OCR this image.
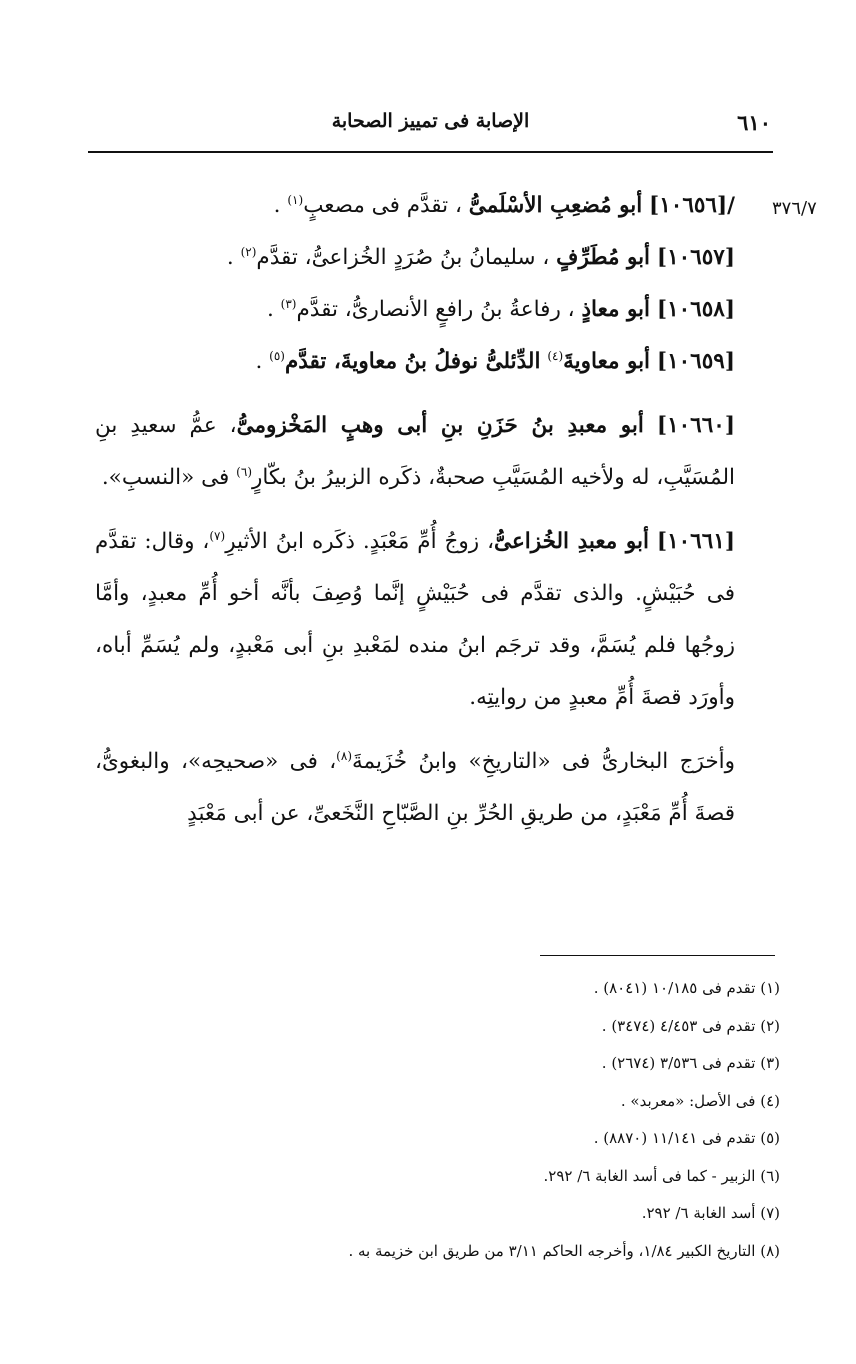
٦١٠
الإصابة فى تمييز الصحابة
٣٧٦/٧

/[١٠٦٥٦] أبو مُضعِبِ الأسْلَمىُّ ، تقدَّم فى مصعبٍ$^{(١)}$ .

[١٠٦٥٧] أبو مُطَرِّفٍ ، سليمانُ بنُ صُرَدٍ الخُزاعىُّ، تقدَّم$^{(٢)}$ .

[١٠٦٥٨] أبو معاذٍ ، رفاعةُ بنُ رافعٍ الأنصارىُّ، تقدَّم$^{(٣)}$ .

[١٠٦٥٩] أبو معاويةَ$^{(٤)}$ الدِّئلىُّ نوفلُ بنُ معاويةَ، تقدَّم$^{(٥)}$ .

[١٠٦٦٠] أبو معبدِ بنُ حَزَنِ بنِ أبى وهبٍ المَخْزومىُّ، عمُّ سعيدِ بنِ المُسَيَّبِ، له ولأخيه المُسَيَّبِ صحبةٌ، ذكَره الزبيرُ بنُ بكّارٍ$^{(٦)}$ فى «النسبِ».

[١٠٦٦١] أبو معبدِ الخُزاعىُّ، زوجُ أُمِّ مَعْبَدٍ. ذكَره ابنُ الأثيرِ$^{(٧)}$، وقال: تقدَّم فى حُبَيْشٍ. والذى تقدَّم فى حُبَيْشٍ إنَّما وُصِفَ بأنَّه أخو أُمِّ معبدٍ، وأمَّا زوجُها فلم يُسَمَّ، وقد ترجَم ابنُ منده لمَعْبدِ بنِ أبى مَعْبدٍ، ولم يُسَمِّ أباه، وأورَد قصةَ أُمِّ معبدٍ من روايتِه.

وأخرَج البخارىُّ فى «التاريخِ» وابنُ خُزَيمةَ$^{(٨)}$، فى «صحيحِه»، والبغوىُّ، قصةَ أُمِّ مَعْبَدٍ، من طريقِ الحُرِّ بنِ الصَّبّاحِ النَّخَعىِّ، عن أبى مَعْبَدٍ

(١) تقدم فى ١٠/١٨٥ (٨٠٤١) .

(٢) تقدم فى ٤/٤٥٣ (٣٤٧٤) .

(٣) تقدم فى ٣/٥٣٦ (٢٦٧٤) .

(٤) فى الأصل: «معربد» .

(٥) تقدم فى ١١/١٤١ (٨٨٧٠) .

(٦) الزبير - كما فى أسد الغابة ٦/ ٢٩٢.

(٧) أسد الغابة ٦/ ٢٩٢.

(٨) التاريخ الكبير ١/٨٤، وأخرجه الحاكم ٣/١١ من طريق ابن خزيمة به .
